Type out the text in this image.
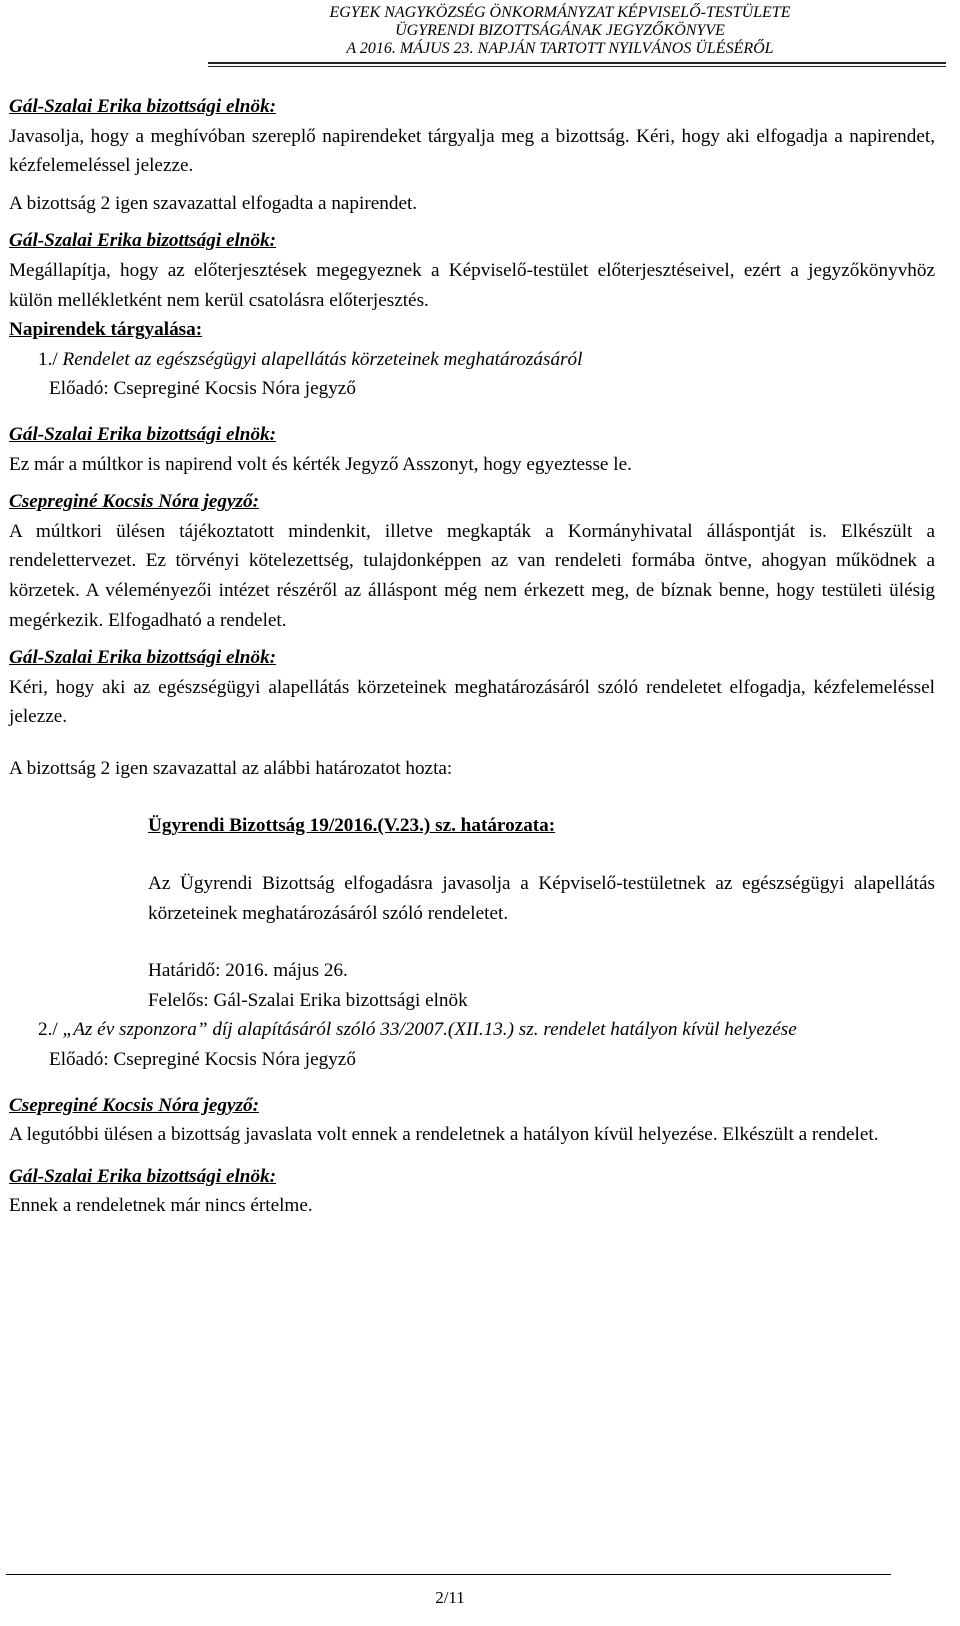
EGYEK NAGYKÖZSÉG ÖNKORMÁNYZAT KÉPVISELŐ-TESTÜLETE
ÜGYRENDI BIZOTTSÁGÁNAK JEGYZŐKÖNYVE
A 2016. MÁJUS 23. NAPJÁN TARTOTT NYILVÁNOS ÜLÉSÉRŐL

Gál-Szalai Erika bizottsági elnök:

Javasolja, hogy a meghívóban szereplő napirendeket tárgyalja meg a bizottság. Kéri, hogy aki elfogadja a napirendet, kézfelemeléssel jelezze.

A bizottság 2 igen szavazattal elfogadta a napirendet.

Gál-Szalai Erika bizottsági elnök:

Megállapítja, hogy az előterjesztések megegyeznek a Képviselő-testület előterjesztéseivel, ezért a jegyzőkönyvhöz külön mellékletként nem kerül csatolásra előterjesztés.

Napirendek tárgyalása:

1./ Rendelet az egészségügyi alapellátás körzeteinek meghatározásáról

Előadó: Csepreginé Kocsis Nóra jegyző

Gál-Szalai Erika bizottsági elnök:

Ez már a múltkor is napirend volt és kérték Jegyző Asszonyt, hogy egyeztesse le.

Csepreginé Kocsis Nóra jegyző:

A múltkori ülésen tájékoztatott mindenkit, illetve megkapták a Kormányhivatal álláspontját is. Elkészült a rendelettervezet. Ez törvényi kötelezettség, tulajdonképpen az van rendeleti formába öntve, ahogyan működnek a körzetek. A véleményezői intézet részéről az álláspont még nem érkezett meg, de bíznak benne, hogy testületi ülésig megérkezik. Elfogadható a rendelet.

Gál-Szalai Erika bizottsági elnök:

Kéri, hogy aki az egészségügyi alapellátás körzeteinek meghatározásáról szóló rendeletet elfogadja, kézfelemeléssel jelezze.

A bizottság 2 igen szavazattal az alábbi határozatot hozta:

Ügyrendi Bizottság 19/2016.(V.23.) sz. határozata:

Az Ügyrendi Bizottság elfogadásra javasolja a Képviselő-testületnek az egészségügyi alapellátás körzeteinek meghatározásáról szóló rendeletet.

Határidő: 2016. május 26.

Felelős: Gál-Szalai Erika bizottsági elnök

2./ „Az év szponzora” díj alapításáról szóló 33/2007.(XII.13.) sz. rendelet hatályon kívül helyezése

Előadó: Csepreginé Kocsis Nóra jegyző

Csepreginé Kocsis Nóra jegyző:

A legutóbbi ülésen a bizottság javaslata volt ennek a rendeletnek a hatályon kívül helyezése. Elkészült a rendelet.

Gál-Szalai Erika bizottsági elnök:

Ennek a rendeletnek már nincs értelme.

2/11
